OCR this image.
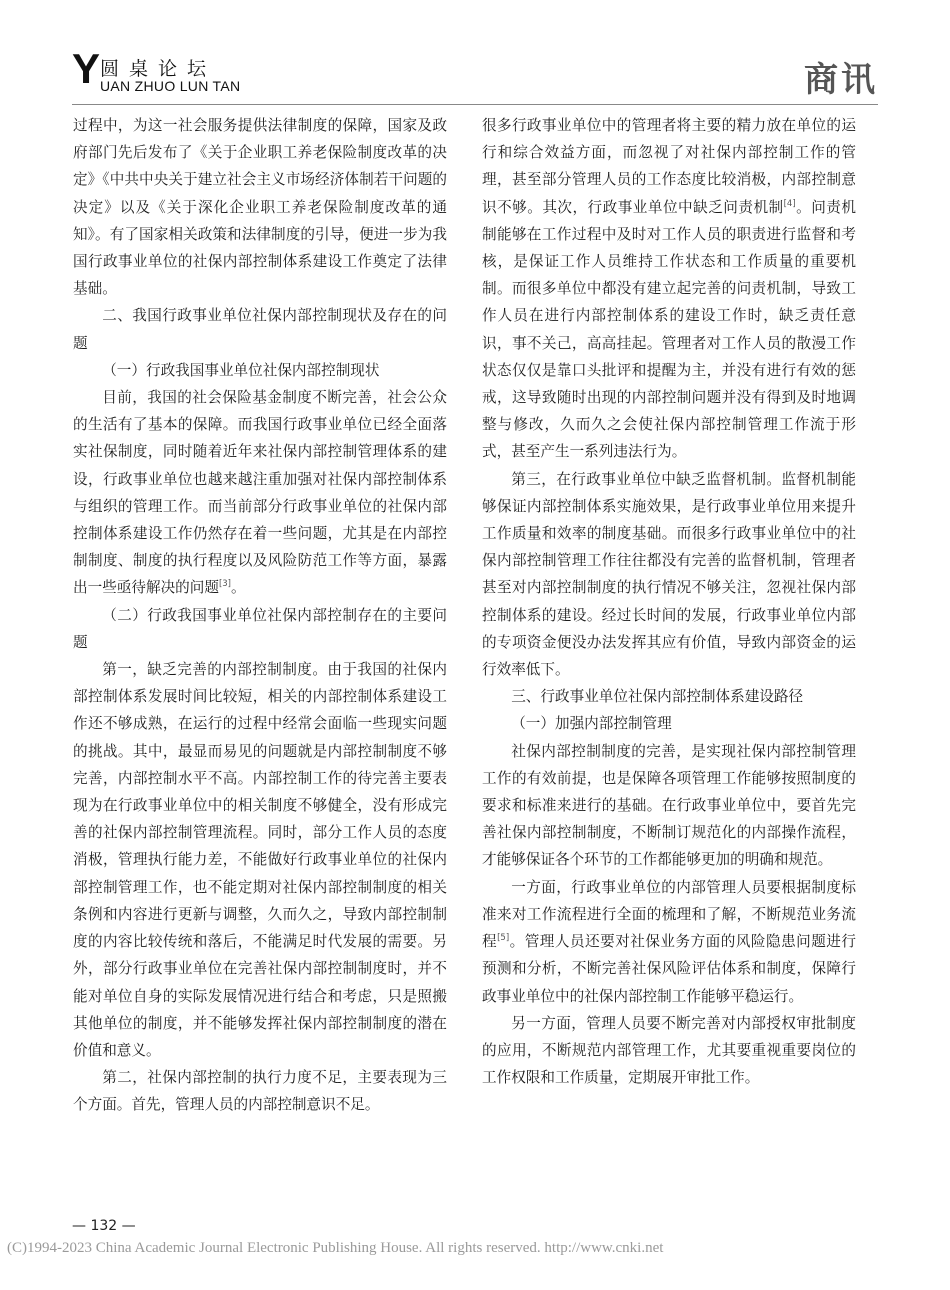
Y 圆桌论坛
UAN ZHUO LUN TAN	商讯

过程中，为这一社会服务提供法律制度的保障，国家及政府部门先后发布了《关于企业职工养老保险制度改革的决定》《中共中央关于建立社会主义市场经济体制若干问题的决定》以及《关于深化企业职工养老保险制度改革的通知》。有了国家相关政策和法律制度的引导，便进一步为我国行政事业单位的社保内部控制体系建设工作奠定了法律基础。

二、我国行政事业单位社保内部控制现状及存在的问题

（一）行政我国事业单位社保内部控制现状

目前，我国的社会保险基金制度不断完善，社会公众的生活有了基本的保障。而我国行政事业单位已经全面落实社保制度，同时随着近年来社保内部控制管理体系的建设，行政事业单位也越来越注重加强对社保内部控制体系与组织的管理工作。而当前部分行政事业单位的社保内部控制体系建设工作仍然存在着一些问题，尤其是在内部控制制度、制度的执行程度以及风险防范工作等方面，暴露出一些亟待解决的问题[3]。

（二）行政我国事业单位社保内部控制存在的主要问题

第一，缺乏完善的内部控制制度。由于我国的社保内部控制体系发展时间比较短，相关的内部控制体系建设工作还不够成熟，在运行的过程中经常会面临一些现实问题的挑战。其中，最显而易见的问题就是内部控制制度不够完善，内部控制水平不高。内部控制工作的待完善主要表现为在行政事业单位中的相关制度不够健全，没有形成完善的社保内部控制管理流程。同时，部分工作人员的态度消极，管理执行能力差，不能做好行政事业单位的社保内部控制管理工作，也不能定期对社保内部控制制度的相关条例和内容进行更新与调整，久而久之，导致内部控制制度的内容比较传统和落后，不能满足时代发展的需要。另外，部分行政事业单位在完善社保内部控制制度时，并不能对单位自身的实际发展情况进行结合和考虑，只是照搬其他单位的制度，并不能够发挥社保内部控制制度的潜在价值和意义。

第二，社保内部控制的执行力度不足，主要表现为三个方面。首先，管理人员的内部控制意识不足。

很多行政事业单位中的管理者将主要的精力放在单位的运行和综合效益方面，而忽视了对社保内部控制工作的管理，甚至部分管理人员的工作态度比较消极，内部控制意识不够。其次，行政事业单位中缺乏问责机制[4]。问责机制能够在工作过程中及时对工作人员的职责进行监督和考核，是保证工作人员维持工作状态和工作质量的重要机制。而很多单位中都没有建立起完善的问责机制，导致工作人员在进行内部控制体系的建设工作时，缺乏责任意识，事不关己，高高挂起。管理者对工作人员的散漫工作状态仅仅是靠口头批评和提醒为主，并没有进行有效的惩戒，这导致随时出现的内部控制问题并没有得到及时地调整与修改，久而久之会使社保内部控制管理工作流于形式，甚至产生一系列违法行为。

第三，在行政事业单位中缺乏监督机制。监督机制能够保证内部控制体系实施效果，是行政事业单位用来提升工作质量和效率的制度基础。而很多行政事业单位中的社保内部控制管理工作往往都没有完善的监督机制，管理者甚至对内部控制制度的执行情况不够关注，忽视社保内部控制体系的建设。经过长时间的发展，行政事业单位内部的专项资金便没办法发挥其应有价值，导致内部资金的运行效率低下。

三、行政事业单位社保内部控制体系建设路径

（一）加强内部控制管理

社保内部控制制度的完善，是实现社保内部控制管理工作的有效前提，也是保障各项管理工作能够按照制度的要求和标准来进行的基础。在行政事业单位中，要首先完善社保内部控制制度，不断制订规范化的内部操作流程，才能够保证各个环节的工作都能够更加的明确和规范。

一方面，行政事业单位的内部管理人员要根据制度标准来对工作流程进行全面的梳理和了解，不断规范业务流程[5]。管理人员还要对社保业务方面的风险隐患问题进行预测和分析，不断完善社保风险评估体系和制度，保障行政事业单位中的社保内部控制工作能够平稳运行。

另一方面，管理人员要不断完善对内部授权审批制度的应用，不断规范内部管理工作，尤其要重视重要岗位的工作权限和工作质量，定期展开审批工作。

— 132 —
(C)1994-2023 China Academic Journal Electronic Publishing House. All rights reserved. http://www.cnki.net
